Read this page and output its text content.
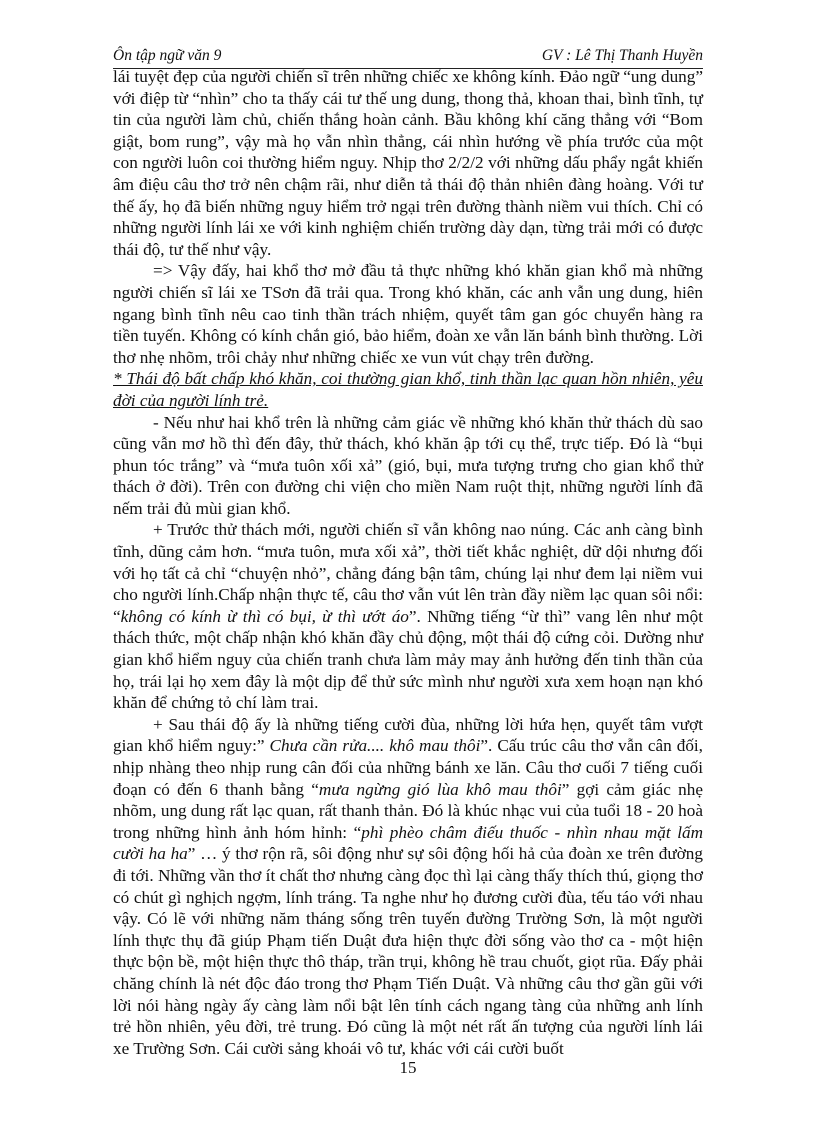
Ôn tập ngữ văn 9	GV : Lê Thị Thanh Huyền

lái tuyệt đẹp của người chiến sĩ trên những chiếc xe không kính. Đảo ngữ “ung dung” với điệp từ “nhìn” cho ta thấy cái tư thế ung dung, thong thả, khoan thai, bình tĩnh, tự tin của người làm chủ, chiến thắng hoàn cảnh. Bầu không khí căng thẳng với “Bom giật, bom rung”, vậy mà họ vẫn nhìn thẳng, cái nhìn hướng về phía trước của một con người luôn coi thường hiểm nguy. Nhịp thơ 2/2/2 với những dấu phẩy ngắt khiến âm điệu câu thơ trở nên chậm rãi, như diễn tả thái độ thản nhiên đàng hoàng. Với tư thế ấy, họ đã biến những nguy hiểm trở ngại trên đường thành niềm vui thích. Chỉ có những người lính lái xe với kinh nghiệm chiến trường dày dạn, từng trải mới có được thái độ, tư thế như vậy.

=> Vậy đấy, hai khổ thơ mở đầu tả thực những khó khăn gian khổ mà những người chiến sĩ lái xe TSơn đã trải qua. Trong khó khăn, các anh vẫn ung dung, hiên ngang bình tĩnh nêu cao tinh thần trách nhiệm, quyết tâm gan góc chuyển hàng ra tiền tuyến. Không có kính chắn gió, bảo hiểm, đoàn xe vẫn lăn bánh bình thường. Lời thơ nhẹ nhõm, trôi chảy như những chiếc xe vun vút chạy trên đường.

* Thái độ bất chấp khó khăn, coi thường gian khổ, tinh thần lạc quan hồn nhiên, yêu đời của người lính trẻ.

- Nếu như hai khổ trên là những cảm giác về những khó khăn thử thách dù sao cũng vẫn mơ hồ thì đến đây, thử thách, khó khăn ập tới cụ thể, trực tiếp. Đó là “bụi phun tóc trắng” và “mưa tuôn xối xả” (gió, bụi, mưa tượng trưng cho gian khổ thử thách ở đời). Trên con đường chi viện cho miền Nam ruột thịt, những người lính đã nếm trải đủ mùi gian khổ.

+ Trước thử thách mới, người chiến sĩ vẫn không nao núng. Các anh càng bình tĩnh, dũng cảm hơn. “mưa tuôn, mưa xối xả”, thời tiết khắc nghiệt, dữ dội nhưng đối với họ tất cả chỉ “chuyện nhỏ”, chẳng đáng bận tâm, chúng lại như đem lại niềm vui cho người lính.Chấp nhận thực tế, câu thơ vẫn vút lên tràn đầy niềm lạc quan sôi nổi: “không có kính ừ thì có bụi, ừ thì ướt áo”. Những tiếng “ừ thì” vang lên như một thách thức, một chấp nhận khó khăn đầy chủ động, một thái độ cứng cỏi. Dường như gian khổ hiểm nguy của chiến tranh chưa làm mảy may ảnh hưởng đến tinh thần của họ, trái lại họ xem đây là một dịp để thử sức mình như người xưa xem hoạn nạn khó khăn để chứng tỏ chí làm trai.

+ Sau thái độ ấy là những tiếng cười đùa, những lời hứa hẹn, quyết tâm vượt gian khổ hiểm nguy:” Chưa cần rửa.... khô mau thôi”. Cấu trúc câu thơ vẫn cân đối, nhịp nhàng theo nhịp rung cân đối của những bánh xe lăn. Câu thơ cuối 7 tiếng cuối đoạn có đến 6 thanh bằng “mưa ngừng gió lùa khô mau thôi” gợi cảm giác nhẹ nhõm, ung dung rất lạc quan, rất thanh thản. Đó là khúc nhạc vui của tuổi 18 - 20 hoà trong những hình ảnh hóm hỉnh: “phì phèo châm điếu thuốc - nhìn nhau mặt lấm cười ha ha” … ý thơ rộn rã, sôi động như sự sôi động hối hả của đoàn xe trên đường đi tới. Những vần thơ ít chất thơ nhưng càng đọc thì lại càng thấy thích thú, giọng thơ có chút gì nghịch ngợm, lính tráng. Ta nghe như họ đương cười đùa, tếu táo với nhau vậy. Có lẽ với những năm tháng sống trên tuyến đường Trường Sơn, là một người lính thực thụ đã giúp Phạm tiến Duật đưa hiện thực đời sống vào thơ ca - một hiện thực bộn bề, một hiện thực thô tháp, trần trụi, không hề trau chuốt, giọt rũa. Đấy phải chăng chính là nét độc đáo trong thơ Phạm Tiến Duật. Và những câu thơ gần gũi với lời nói hàng ngày ấy càng làm nổi bật lên tính cách ngang tàng của những anh lính trẻ hồn nhiên, yêu đời, trẻ trung. Đó cũng là một nét rất ấn tượng của người lính lái xe Trường Sơn. Cái cười sảng khoái vô tư, khác với cái cười buốt

15
